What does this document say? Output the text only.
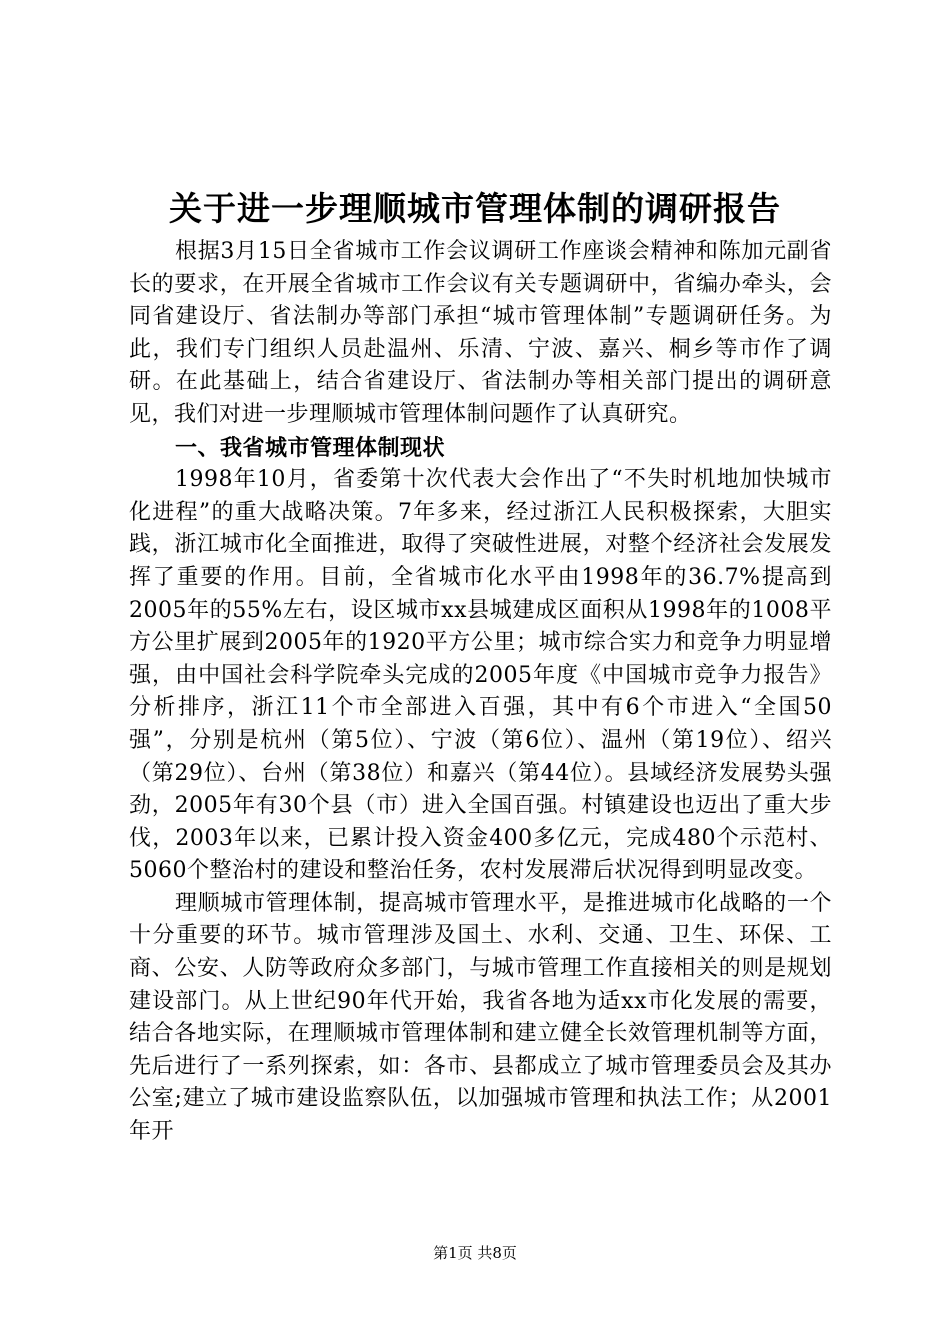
关于进一步理顺城市管理体制的调研报告

根据3月15日全省城市工作会议调研工作座谈会精神和陈加元副省长的要求，在开展全省城市工作会议有关专题调研中，省编办牵头，会同省建设厅、省法制办等部门承担“城市管理体制”专题调研任务。为此，我们专门组织人员赴温州、乐清、宁波、嘉兴、桐乡等市作了调研。在此基础上，结合省建设厅、省法制办等相关部门提出的调研意见，我们对进一步理顺城市管理体制问题作了认真研究。

一、我省城市管理体制现状

1998年10月，省委第十次代表大会作出了“不失时机地加快城市化进程”的重大战略决策。7年多来，经过浙江人民积极探索，大胆实践，浙江城市化全面推进，取得了突破性进展，对整个经济社会发展发挥了重要的作用。目前，全省城市化水平由1998年的36.7%提高到2005年的55%左右，设区城市xx县城建成区面积从1998年的1008平方公里扩展到2005年的1920平方公里；城市综合实力和竞争力明显增强，由中国社会科学院牵头完成的2005年度《中国城市竞争力报告》分析排序，浙江11个市全部进入百强，其中有6个市进入“全国50强”，分别是杭州（第5位）、宁波（第6位）、温州（第19位）、绍兴（第29位）、台州（第38位）和嘉兴（第44位）。县域经济发展势头强劲，2005年有30个县（市）进入全国百强。村镇建设也迈出了重大步伐，2003年以来，已累计投入资金400多亿元，完成480个示范村、5060个整治村的建设和整治任务，农村发展滞后状况得到明显改变。

理顺城市管理体制，提高城市管理水平，是推进城市化战略的一个十分重要的环节。城市管理涉及国土、水利、交通、卫生、环保、工商、公安、人防等政府众多部门，与城市管理工作直接相关的则是规划建设部门。从上世纪90年代开始，我省各地为适xx市化发展的需要，结合各地实际，在理顺城市管理体制和建立健全长效管理机制等方面，先后进行了一系列探索，如：各市、县都成立了城市管理委员会及其办公室;建立了城市建设监察队伍，以加强城市管理和执法工作；从2001年开

第1页 共8页
